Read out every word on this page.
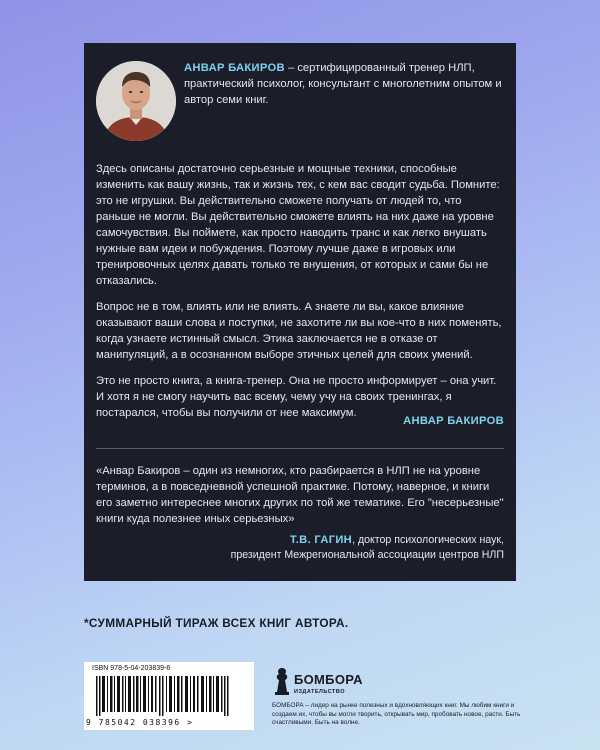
АНВАР БАКИРОВ – сертифицированный тренер НЛП, практический психолог, консультант с многолетним опытом и автор семи книг.

Здесь описаны достаточно серьезные и мощные техники, способные изменить как вашу жизнь, так и жизнь тех, с кем вас сводит судьба. Помните: это не игрушки. Вы действительно сможете получать от людей то, что раньше не могли. Вы действительно сможете влиять на них даже на уровне самочувствия. Вы поймете, как просто наводить транс и как легко внушать нужные вам идеи и побуждения. Поэтому лучше даже в игровых или тренировочных целях давать только те внушения, от которых и сами бы не отказались.

Вопрос не в том, влиять или не влиять. А знаете ли вы, какое влияние оказывают ваши слова и поступки, не захотите ли вы кое-что в них поменять, когда узнаете истинный смысл. Этика заключается не в отказе от манипуляций, а в осознанном выборе этичных целей для своих умений.

Это не просто книга, а книга-тренер. Она не просто информирует – она учит. И хотя я не смогу научить вас всему, чему учу на своих тренингах, я постарался, чтобы вы получили от нее максимум.

АНВАР БАКИРОВ

«Анвар Бакиров – один из немногих, кто разбирается в НЛП не на уровне терминов, а в повседневной успешной практике. Потому, наверное, и книги его заметно интереснее многих других по той же тематике. Его "несерьезные" книги куда полезнее иных серьезных»

Т.В. ГАГИН, доктор психологических наук,
президент Межрегиональной ассоциации центров НЛП
*СУММАРНЫЙ ТИРАЖ ВСЕХ КНИГ АВТОРА.
ISBN 978-5-04-203839-6
9 785042 038396 >
БОМБОРА
ИЗДАТЕЛЬСТВО
БОМБОРА – лидер на рынке полезных и вдохновляющих книг. Мы любим книги и создаем их, чтобы вы могли творить, открывать мир, пробовать новое, расти. Быть счастливыми. Быть на волне.
